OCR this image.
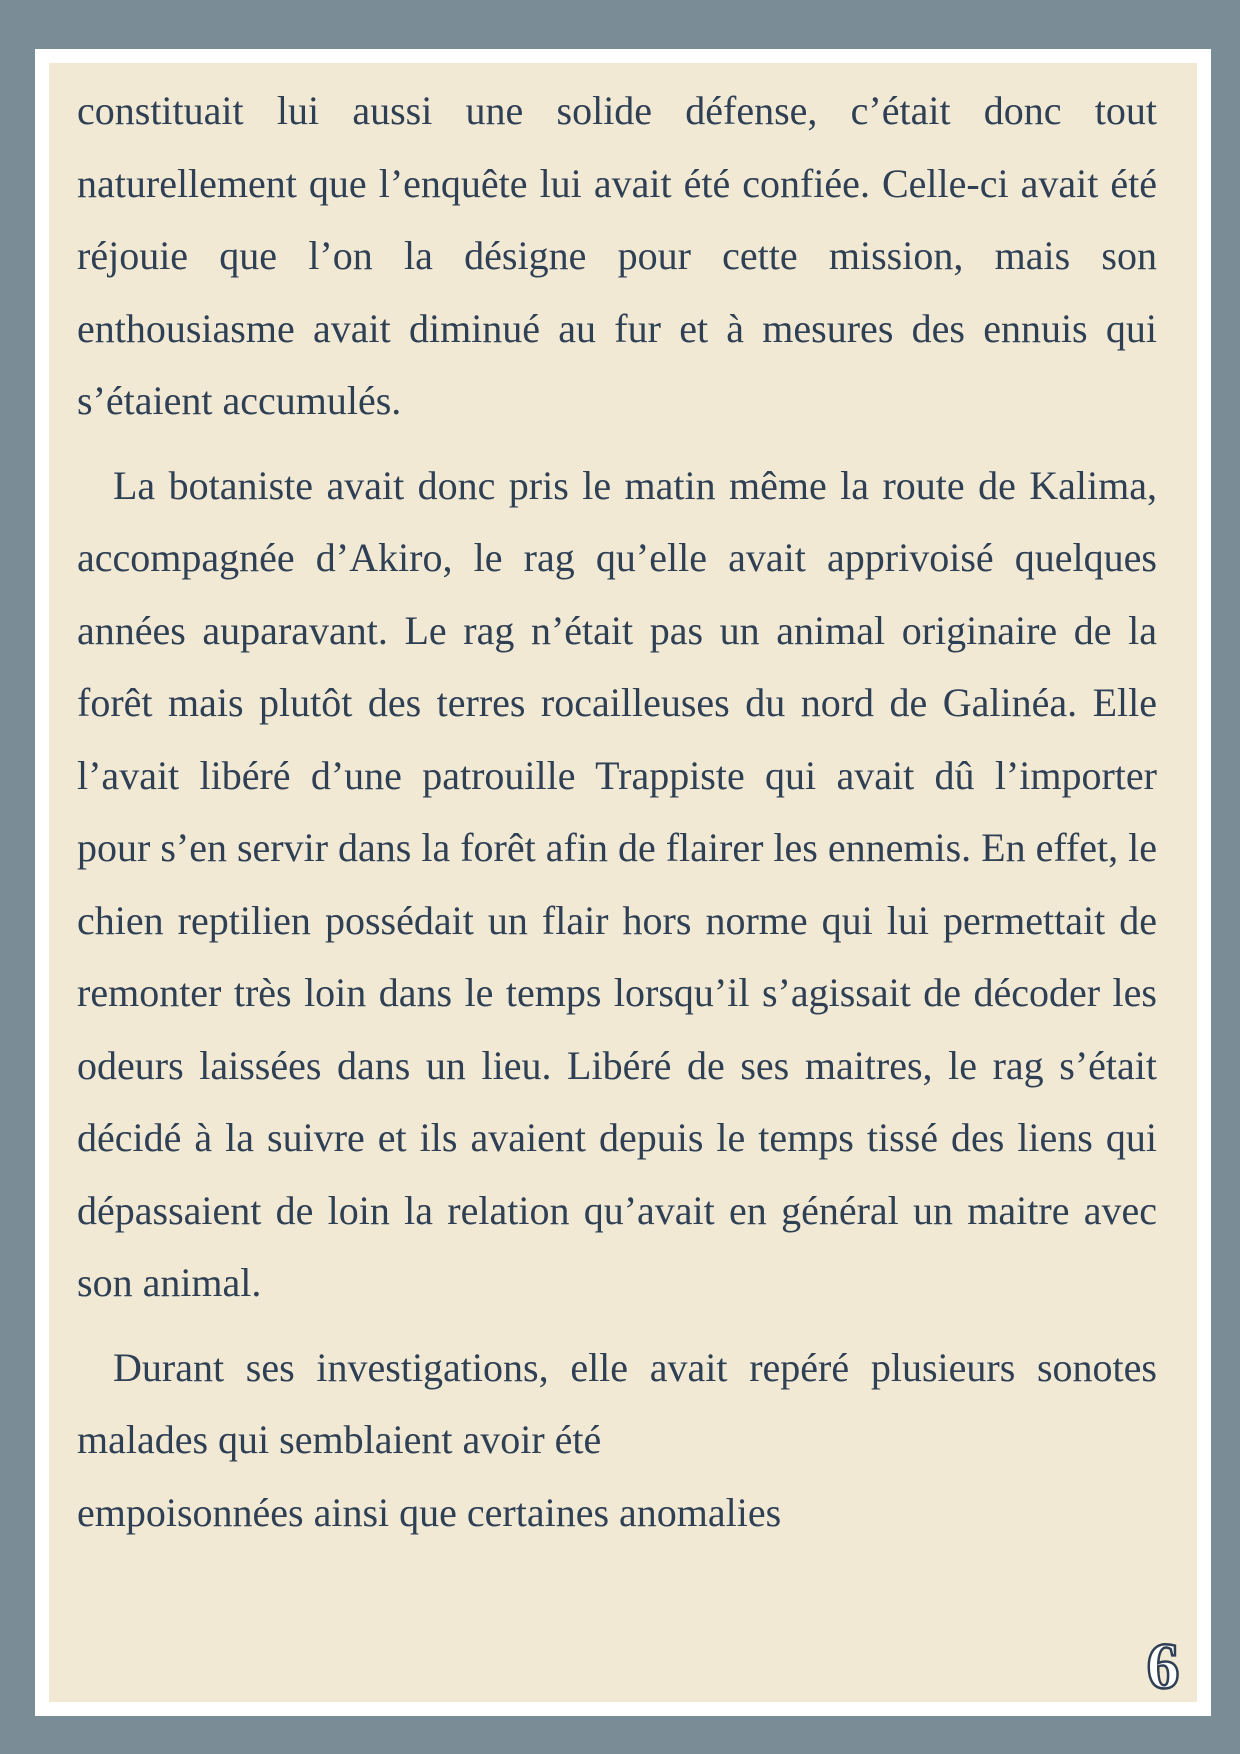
constituait lui aussi une solide défense, c’était donc tout naturellement que l’enquête lui avait été confiée. Celle-ci avait été réjouie que l’on la désigne pour cette mission, mais son enthousiasme avait diminué au fur et à mesures des ennuis qui s’étaient accumulés.

La botaniste avait donc pris le matin même la route de Kalima, accompagnée d’Akiro, le rag qu’elle avait apprivoisé quelques années auparavant. Le rag n’était pas un animal originaire de la forêt mais plutôt des terres rocailleuses du nord de Galinéa. Elle l’avait libéré d’une patrouille Trappiste qui avait dû l’importer pour s’en servir dans la forêt afin de flairer les ennemis. En effet, le chien reptilien possédait un flair hors norme qui lui permettait de remonter très loin dans le temps lorsqu’il s’agissait de décoder les odeurs laissées dans un lieu. Libéré de ses maitres, le rag s’était décidé à la suivre et ils avaient depuis le temps tissé des liens qui dépassaient de loin la relation qu’avait en général un maitre avec son animal.

Durant ses investigations, elle avait repéré plusieurs sonotes malades qui semblaient avoir été

empoisonnées ainsi que certaines anomalies

6
